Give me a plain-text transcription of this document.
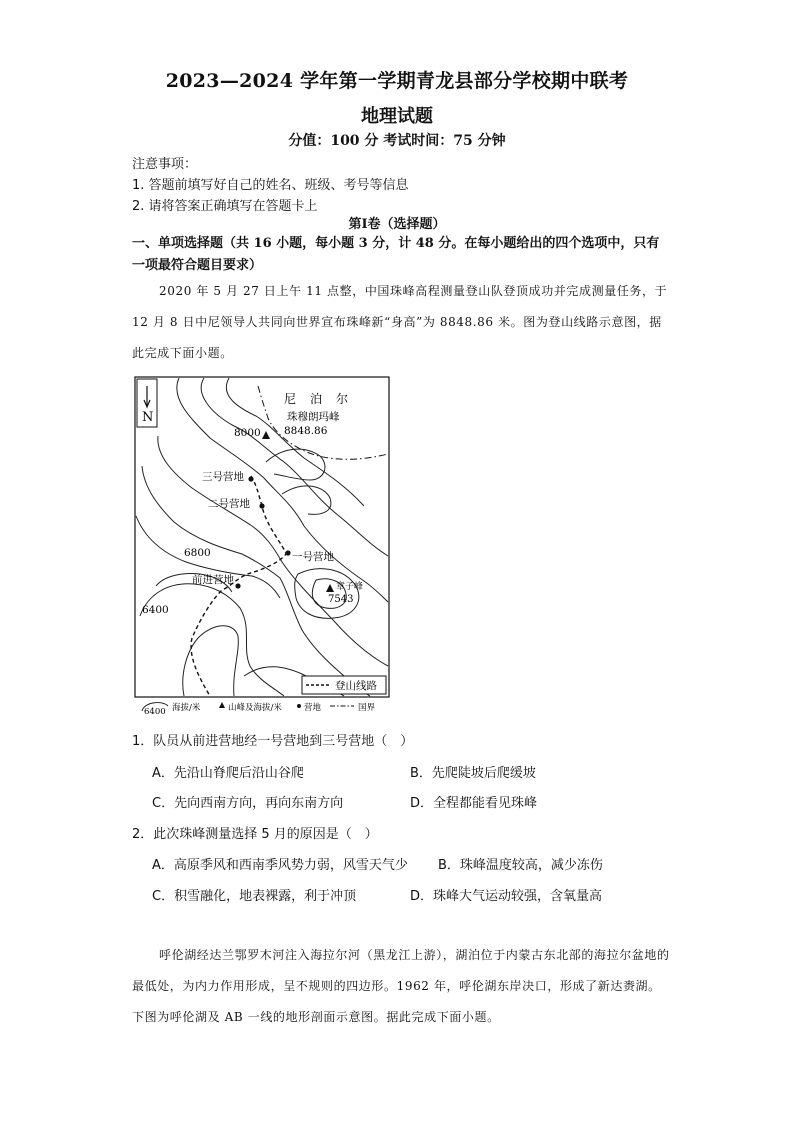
2023—2024 学年第一学期青龙县部分学校期中联考
地理试题
分值：100 分 考试时间：75 分钟
注意事项：
1. 答题前填写好自己的姓名、班级、考号等信息
2. 请将答案正确填写在答题卡上
第Ⅰ卷（选择题）
一、单项选择题（共 16 小题，每小题 3 分，计 48 分。在每小题给出的四个选项中，只有一项最符合题目要求）
2020 年 5 月 27 日上午 11 点整，中国珠峰高程测量登山队登顶成功并完成测量任务，于 12 月 8 日中尼领导人共同向世界宣布珠峰新“身高”为 8848.86 米。图为登山线路示意图，据此完成下面小题。
N	珠穆朗玛峰
8848.86
尼　泊　尔
8000
6800
6400
三号营地
二号营地
一号营地
前进营地
章子峰
7543
登山线路
6400 海拔/米	山峰及海拔/米	营地	国界
1．队员从前进营地经一号营地到三号营地（　）
A．先沿山脊爬后沿山谷爬	B．先爬陡坡后爬缓坡
C．先向西南方向，再向东南方向	D．全程都能看见珠峰
2．此次珠峰测量选择 5 月的原因是（　）
A．高原季风和西南季风势力弱，风雪天气少 B．珠峰温度较高，减少冻伤
C．积雪融化，地表裸露，利于冲顶	D．珠峰大气运动较强，含氧量高
呼伦湖经达兰鄂罗木河注入海拉尔河（黑龙江上游），湖泊位于内蒙古东北部的海拉尔盆地的最低处，为内力作用形成，呈不规则的四边形。1962 年，呼伦湖东岸决口，形成了新达赉湖。下图为呼伦湖及 AB 一线的地形剖面示意图。据此完成下面小题。
